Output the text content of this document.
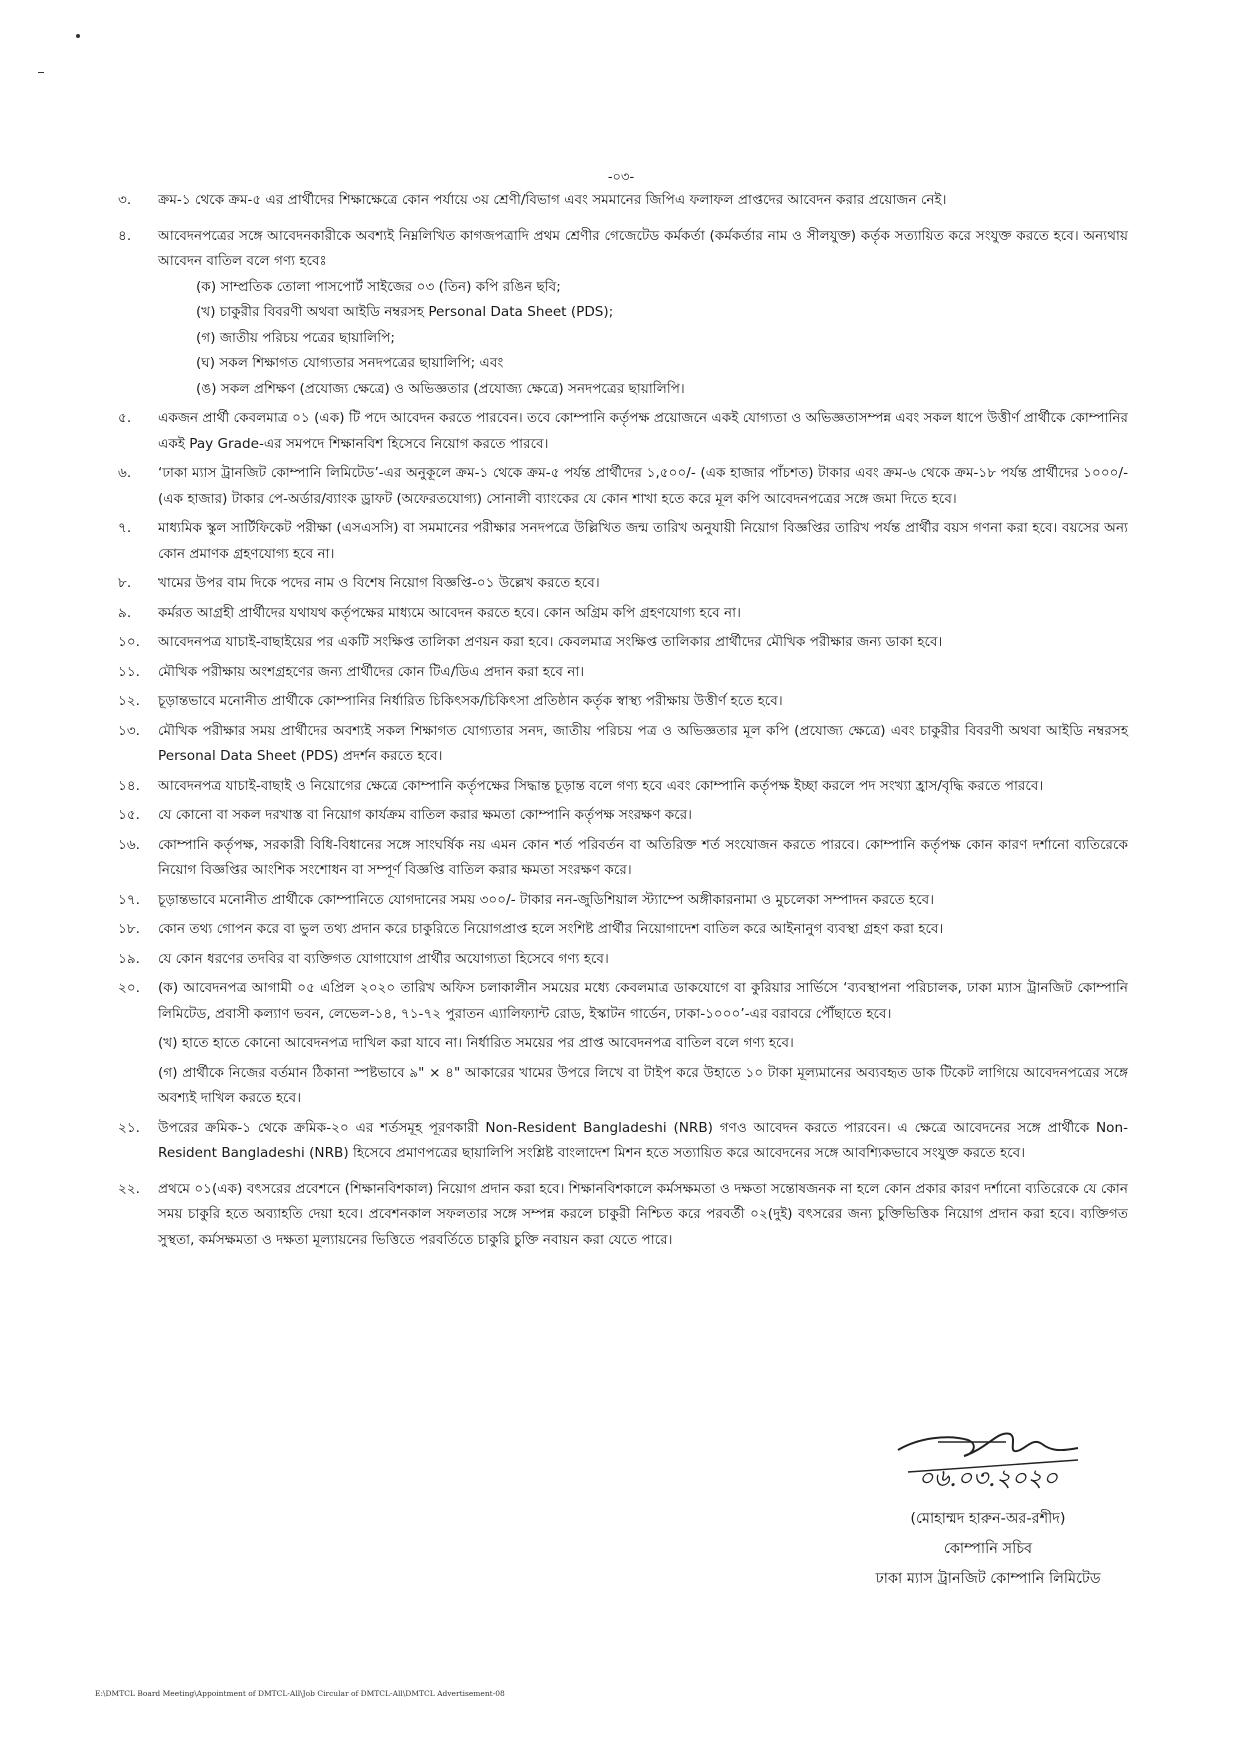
-০৩-
৩.	ক্রম-১ থেকে ক্রম-৫ এর প্রার্থীদের শিক্ষাক্ষেত্রে কোন পর্যায়ে ৩য় শ্রেণী/বিভাগ এবং সমমানের জিপিএ ফলাফল প্রাপ্তদের আবেদন করার প্রয়োজন নেই।
৪.	আবেদনপত্রের সঙ্গে আবেদনকারীকে অবশ্যই নিম্নলিখিত কাগজপত্রাদি প্রথম শ্রেণীর গেজেটেড কর্মকর্তা (কর্মকর্তার নাম ও সীলযুক্ত) কর্তৃক সত্যায়িত করে সংযুক্ত করতে হবে। অন্যথায় আবেদন বাতিল বলে গণ্য হবেঃ
(ক) সাম্প্রতিক তোলা পাসপোর্ট সাইজের ০৩ (তিন) কপি রঙিন ছবি;
(খ) চাকুরীর বিবরণী অথবা আইডি নম্বরসহ Personal Data Sheet (PDS);
(গ) জাতীয় পরিচয় পত্রের ছায়ালিপি;
(ঘ) সকল শিক্ষাগত যোগ্যতার সনদপত্রের ছায়ালিপি; এবং
(ঙ) সকল প্রশিক্ষণ (প্রযোজ্য ক্ষেত্রে) ও অভিজ্ঞতার (প্রযোজ্য ক্ষেত্রে) সনদপত্রের ছায়ালিপি।
৫.	একজন প্রার্থী কেবলমাত্র ০১ (এক) টি পদে আবেদন করতে পারবেন। তবে কোম্পানি কর্তৃপক্ষ প্রয়োজনে একই যোগ্যতা ও অভিজ্ঞতাসম্পন্ন এবং সকল ধাপে উত্তীর্ণ প্রার্থীকে কোম্পানির একই Pay Grade-এর সমপদে শিক্ষানবিশ হিসেবে নিয়োগ করতে পারবে।
৬.	‘ঢাকা ম্যাস ট্রানজিট কোম্পানি লিমিটেড’-এর অনুকূলে ক্রম-১ থেকে ক্রম-৫ পর্যন্ত প্রার্থীদের ১,৫০০/- (এক হাজার পাঁচশত) টাকার এবং ক্রম-৬ থেকে ক্রম-১৮ পর্যন্ত প্রার্থীদের ১০০০/- (এক হাজার) টাকার পে-অর্ডার/ব্যাংক ড্রাফট (অফেরতযোগ্য) সোনালী ব্যাংকের যে কোন শাখা হতে করে মূল কপি আবেদনপত্রের সঙ্গে জমা দিতে হবে।
৭.	মাধ্যমিক স্কুল সার্টিফিকেট পরীক্ষা (এসএসসি) বা সমমানের পরীক্ষার সনদপত্রে উল্লিখিত জন্ম তারিখ অনুযায়ী নিয়োগ বিজ্ঞপ্তির তারিখ পর্যন্ত প্রার্থীর বয়স গণনা করা হবে। বয়সের অন্য কোন প্রমাণক গ্রহণযোগ্য হবে না।
৮.	খামের উপর বাম দিকে পদের নাম ও বিশেষ নিয়োগ বিজ্ঞপ্তি-০১ উল্লেখ করতে হবে।
৯.	কর্মরত আগ্রহী প্রার্থীদের যথাযথ কর্তৃপক্ষের মাধ্যমে আবেদন করতে হবে। কোন অগ্রিম কপি গ্রহণযোগ্য হবে না।
১০.	আবেদনপত্র যাচাই-বাছাইয়ের পর একটি সংক্ষিপ্ত তালিকা প্রণয়ন করা হবে। কেবলমাত্র সংক্ষিপ্ত তালিকার প্রার্থীদের মৌখিক পরীক্ষার জন্য ডাকা হবে।
১১.	মৌখিক পরীক্ষায় অংশগ্রহণের জন্য প্রার্থীদের কোন টিএ/ডিএ প্রদান করা হবে না।
১২.	চূড়ান্তভাবে মনোনীত প্রার্থীকে কোম্পানির নির্ধারিত চিকিৎসক/চিকিৎসা প্রতিষ্ঠান কর্তৃক স্বাস্থ্য পরীক্ষায় উত্তীর্ণ হতে হবে।
১৩.	মৌখিক পরীক্ষার সময় প্রার্থীদের অবশ্যই সকল শিক্ষাগত যোগ্যতার সনদ, জাতীয় পরিচয় পত্র ও অভিজ্ঞতার মূল কপি (প্রযোজ্য ক্ষেত্রে) এবং চাকুরীর বিবরণী অথবা আইডি নম্বরসহ Personal Data Sheet (PDS) প্রদর্শন করতে হবে।
১৪.	আবেদনপত্র যাচাই-বাছাই ও নিয়োগের ক্ষেত্রে কোম্পানি কর্তৃপক্ষের সিদ্ধান্ত চূড়ান্ত বলে গণ্য হবে এবং কোম্পানি কর্তৃপক্ষ ইচ্ছা করলে পদ সংখ্যা হ্রাস/বৃদ্ধি করতে পারবে।
১৫.	যে কোনো বা সকল দরখাস্ত বা নিয়োগ কার্যক্রম বাতিল করার ক্ষমতা কোম্পানি কর্তৃপক্ষ সংরক্ষণ করে।
১৬.	কোম্পানি কর্তৃপক্ষ, সরকারী বিধি-বিধানের সঙ্গে সাংঘর্ষিক নয় এমন কোন শর্ত পরিবর্তন বা অতিরিক্ত শর্ত সংযোজন করতে পারবে। কোম্পানি কর্তৃপক্ষ কোন কারণ দর্শানো ব্যতিরেকে নিয়োগ বিজ্ঞপ্তির আংশিক সংশোধন বা সম্পূর্ণ বিজ্ঞপ্তি বাতিল করার ক্ষমতা সংরক্ষণ করে।
১৭.	চূড়ান্তভাবে মনোনীত প্রার্থীকে কোম্পানিতে যোগদানের সময় ৩০০/- টাকার নন-জুডিশিয়াল স্ট্যাম্পে অঙ্গীকারনামা ও মুচলেকা সম্পাদন করতে হবে।
১৮.	কোন তথ্য গোপন করে বা ভুল তথ্য প্রদান করে চাকুরিতে নিয়োগপ্রাপ্ত হলে সংশিষ্ট প্রার্থীর নিয়োগাদেশ বাতিল করে আইনানুগ ব্যবস্থা গ্রহণ করা হবে।
১৯.	যে কোন ধরণের তদবির বা ব্যক্তিগত যোগাযোগ প্রার্থীর অযোগ্যতা হিসেবে গণ্য হবে।
২০.	(ক) আবেদনপত্র আগামী ০৫ এপ্রিল ২০২০ তারিখ অফিস চলাকালীন সময়ের মধ্যে কেবলমাত্র ডাকযোগে বা কুরিয়ার সার্ভিসে ‘ব্যবস্থাপনা পরিচালক, ঢাকা ম্যাস ট্রানজিট কোম্পানি লিমিটেড, প্রবাসী কল্যাণ ভবন, লেভেল-১৪, ৭১-৭২ পুরাতন এ্যালিফ্যান্ট রোড, ইস্কাটন গার্ডেন, ঢাকা-১০০০’-এর বরাবরে পৌঁছাতে হবে।
(খ) হাতে হাতে কোনো আবেদনপত্র দাখিল করা যাবে না। নির্ধারিত সময়ের পর প্রাপ্ত আবেদনপত্র বাতিল বলে গণ্য হবে।
(গ) প্রার্থীকে নিজের বর্তমান ঠিকানা স্পষ্টভাবে ৯" × ৪" আকারের খামের উপরে লিখে বা টাইপ করে উহাতে ১০ টাকা মূল্যমানের অব্যবহৃত ডাক টিকেট লাগিয়ে আবেদনপত্রের সঙ্গে অবশ্যই দাখিল করতে হবে।
২১.	উপরের ক্রমিক-১ থেকে ক্রমিক-২০ এর শর্তসমূহ পূরণকারী Non-Resident Bangladeshi (NRB) গণও আবেদন করতে পারবেন। এ ক্ষেত্রে আবেদনের সঙ্গে প্রার্থীকে Non-Resident Bangladeshi (NRB) হিসেবে প্রমাণপত্রের ছায়ালিপি সংশ্লিষ্ট বাংলাদেশ মিশন হতে সত্যায়িত করে আবেদনের সঙ্গে আবশ্যিকভাবে সংযুক্ত করতে হবে।
২২.	প্রথমে ০১(এক) বৎসরের প্রবেশনে (শিক্ষানবিশকাল) নিয়োগ প্রদান করা হবে। শিক্ষানবিশকালে কর্মসক্ষমতা ও দক্ষতা সন্তোষজনক না হলে কোন প্রকার কারণ দর্শানো ব্যতিরেকে যে কোন সময় চাকুরি হতে অব্যাহতি দেয়া হবে। প্রবেশনকাল সফলতার সঙ্গে সম্পন্ন করলে চাকুরী নিশ্চিত করে পরবর্তী ০২(দুই) বৎসরের জন্য চুক্তিভিত্তিক নিয়োগ প্রদান করা হবে। ব্যক্তিগত সুস্থতা, কর্মসক্ষমতা ও দক্ষতা মূল্যায়নের ভিত্তিতে পরবর্তিতে চাকুরি চুক্তি নবায়ন করা যেতে পারে।
০৬.০৩.২০২০
(মোহাম্মদ হারুন-অর-রশীদ)
কোম্পানি সচিব
ঢাকা ম্যাস ট্রানজিট কোম্পানি লিমিটেড
E:\DMTCL Board Meeting\Appointment of DMTCL-All\Job Circular of DMTCL-All\DMTCL Advertisement-08
